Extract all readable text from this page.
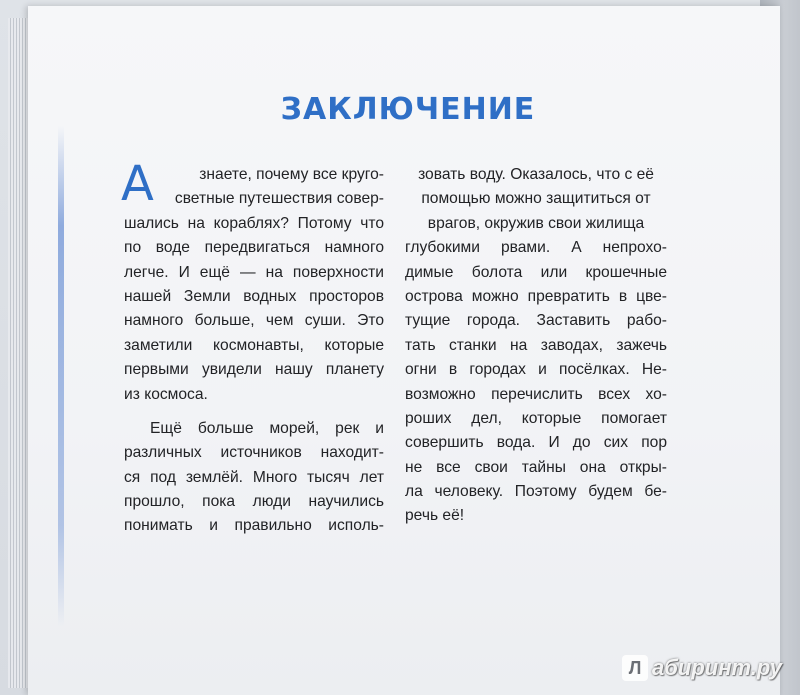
ЗАКЛЮЧЕНИЕ
А	знаете, почему все круго-
светные путешествия совер-
шались на кораблях? Потому что
по воде передвигаться намного
легче. И ещё — на поверхности
нашей Земли водных просторов
намного больше, чем суши. Это
заметили космонавты, которые
первыми увидели нашу планету
из космоса.
Ещё больше морей, рек и
различных источников находит-
ся под землёй. Много тысяч лет
прошло, пока люди научились
понимать и правильно исполь-
зовать воду. Оказалось, что с её
помощью можно защититься от
врагов, окружив свои жилища
глубокими рвами. А непрохо-
димые болота или крошечные
острова можно превратить в цве-
тущие города. Заставить рабо-
тать станки на заводах, зажечь
огни в городах и посёлках. Не-
возможно перечислить всех хо-
роших дел, которые помогает
совершить вода. И до сих пор
не все свои тайны она откры-
ла человеку. Поэтому будем бе-
речь её!
Л абиринт.ру
